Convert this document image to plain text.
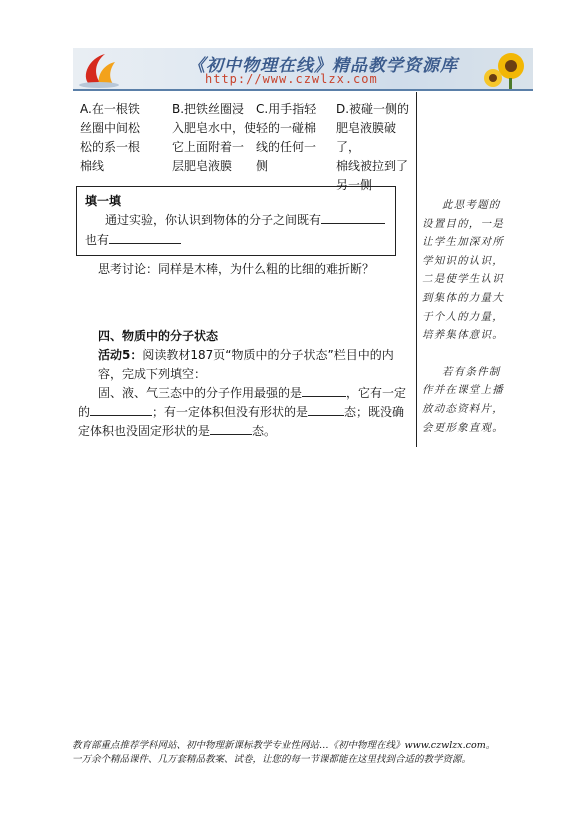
《初中物理在线》精品教学资源库
http://www.czwlzx.com
A.在一根铁
丝圈中间松
松的系一根
棉线
B.把铁丝圈浸
入肥皂水中，使
它上面附着一
层肥皂液膜
C.用手指轻
轻的一碰棉
线的任何一
侧
D.被碰一侧的
肥皂液膜破了，
棉线被拉到了
另一侧
填一填
通过实验，你认识到物体的分子之间既有
也有
思考讨论：同样是木棒，为什么粗的比细的难折断？
四、物质中的分子状态
活动5：阅读教材187页“物质中的分子状态”栏目中的内容，完成下列填空：
固、液、气三态中的分子作用最强的是	，它有一定
的	；有一定体积但没有形状的是	态；既没确
定体积也没固定形状的是	态。

此思考题的设置目的，一是让学生加深对所学知识的认识，二是使学生认识到集体的力量大于个人的力量，培养集体意识。

若有条件制作并在课堂上播放动态资料片，会更形象直观。

教育部重点推荐学科网站、初中物理新课标教学专业性网站…《初中物理在线》www.czwlzx.com。
一万余个精品课件、几万套精品教案、试卷，让您的每一节课都能在这里找到合适的教学资源。
